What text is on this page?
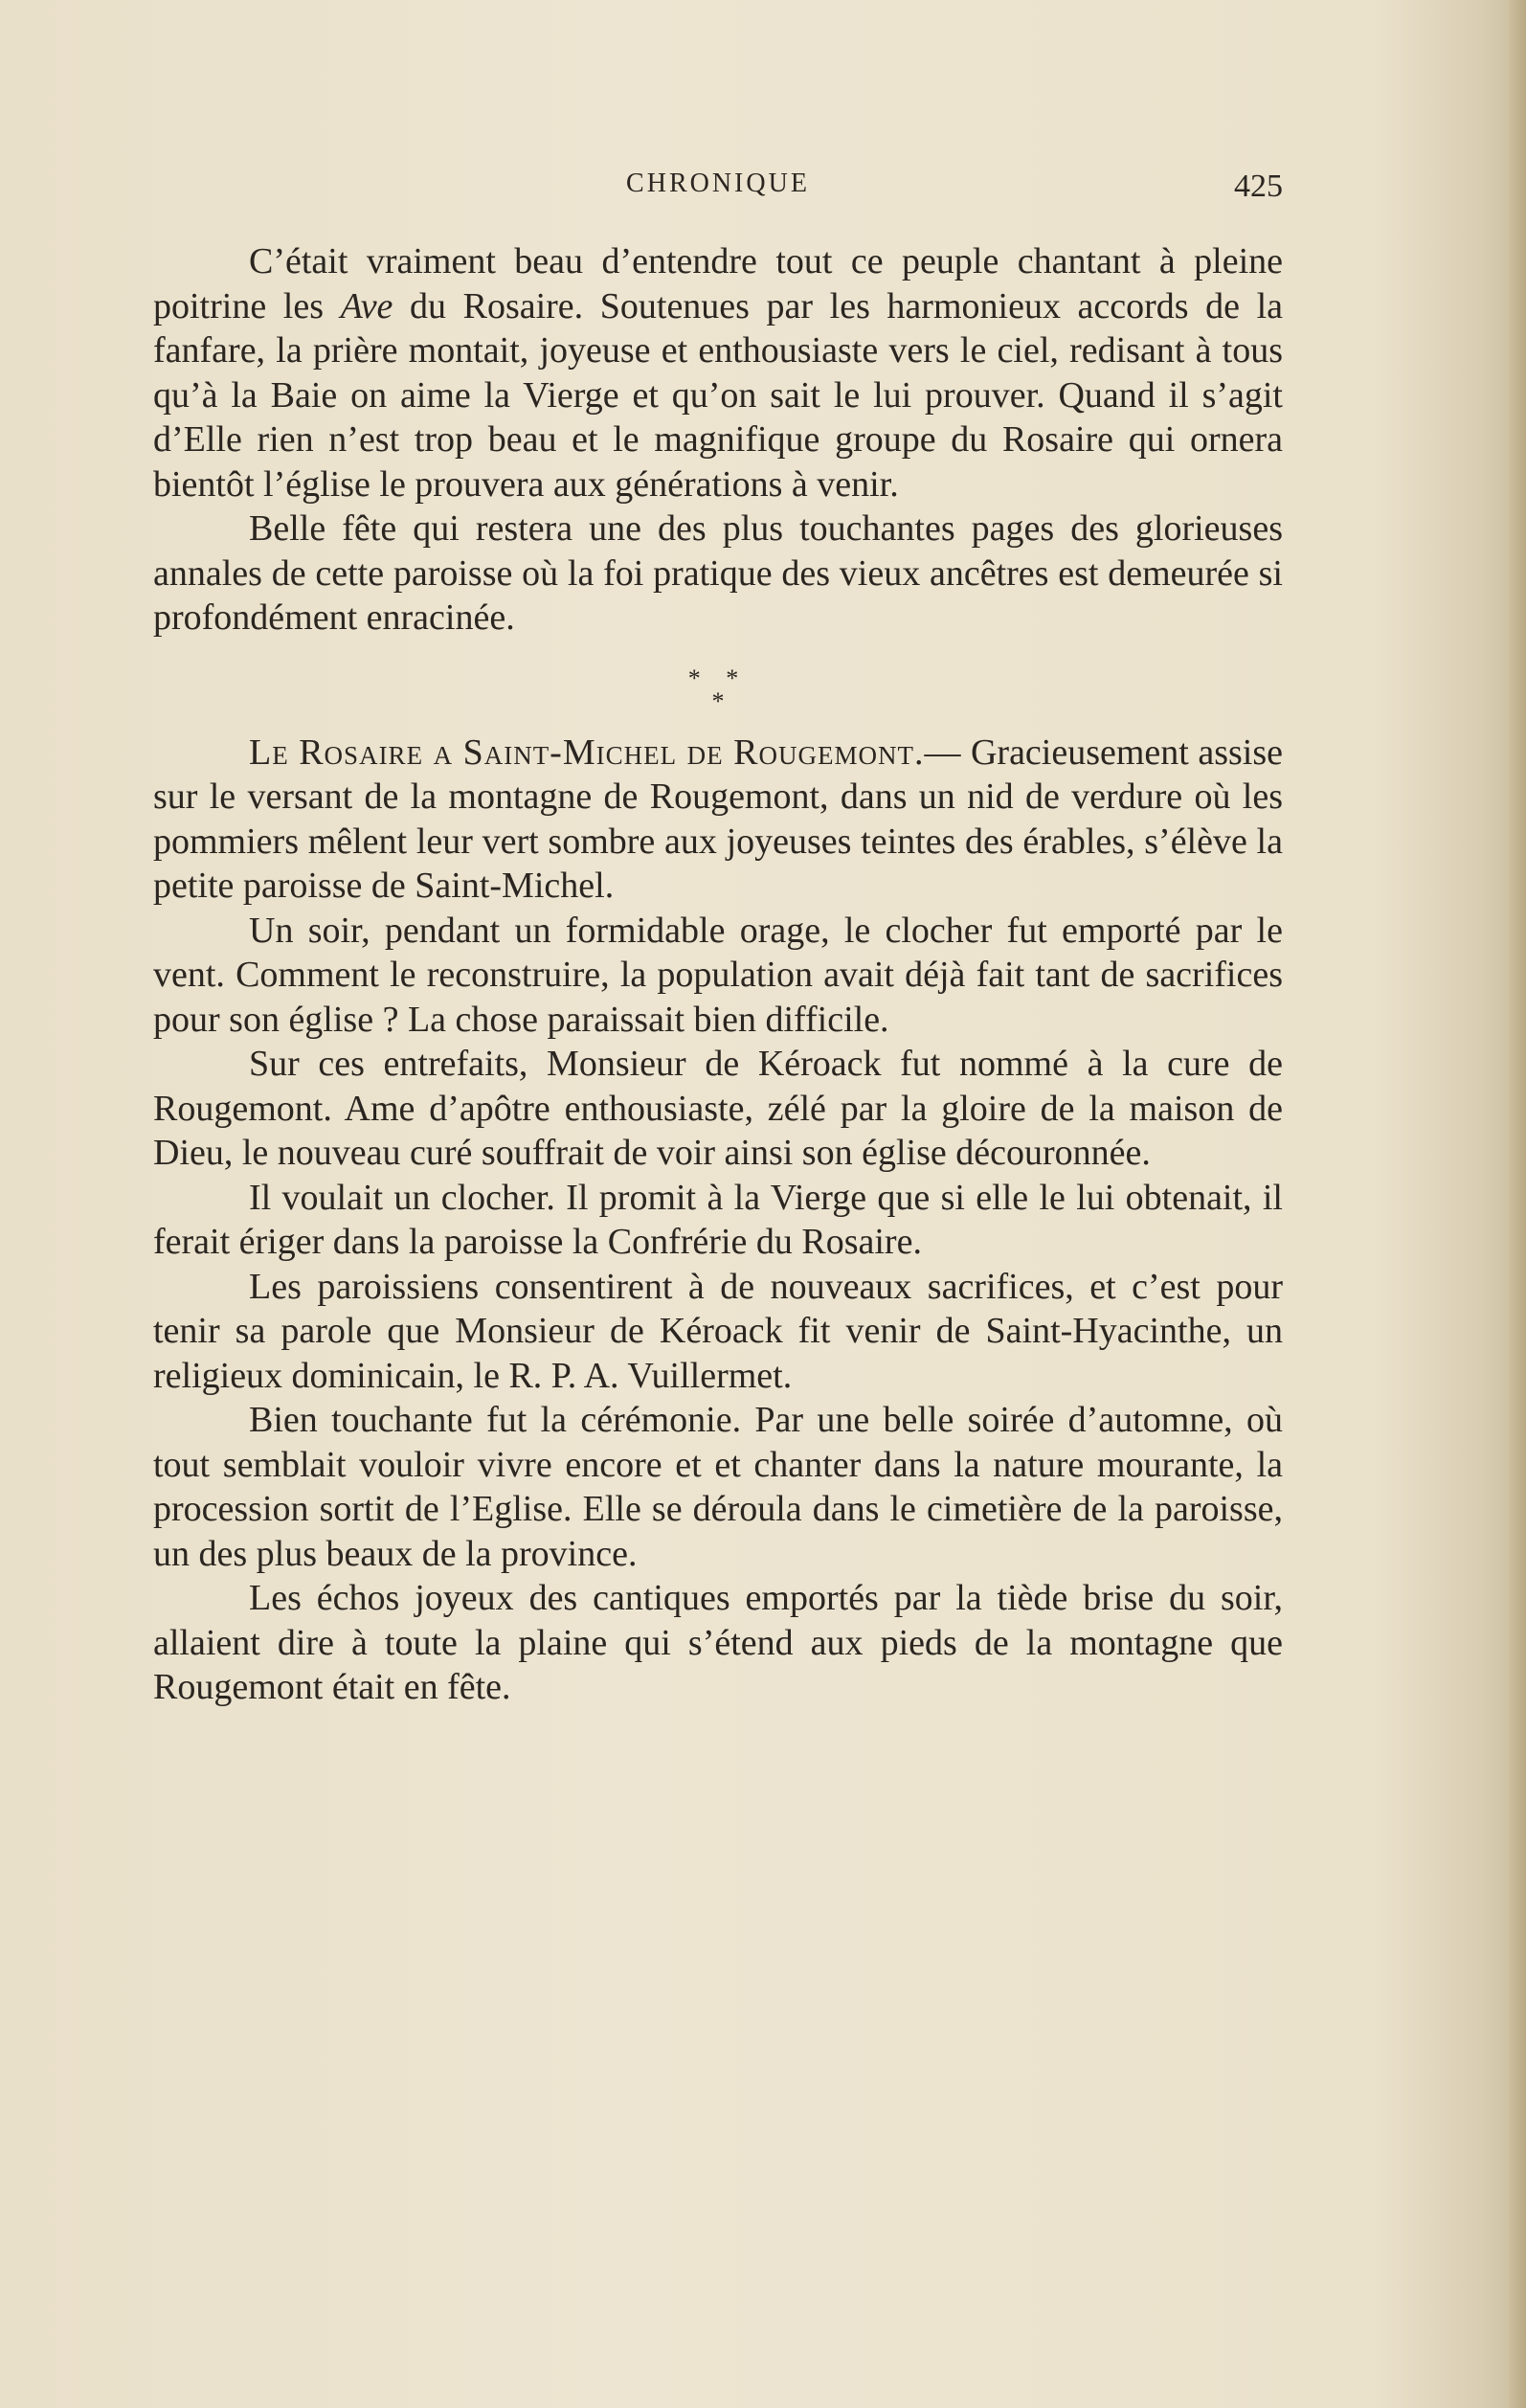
CHRONIQUE	425

C’était vraiment beau d’entendre tout ce peuple chantant à pleine poitrine les Ave du Rosaire. Soutenues par les harmonieux accords de la fanfare, la prière montait, joyeuse et enthousiaste vers le ciel, redisant à tous qu’à la Baie on aime la Vierge et qu’on sait le lui prouver. Quand il s’agit d’Elle rien n’est trop beau et le magnifique groupe du Rosaire qui ornera bientôt l’église le prouvera aux générations à venir.

Belle fête qui restera une des plus touchantes pages des glorieuses annales de cette paroisse où la foi pratique des vieux ancêtres est demeurée si profondément enracinée.

* *
*

Le Rosaire a Saint-Michel de Rougemont.— Gracieusement assise sur le versant de la montagne de Rougemont, dans un nid de verdure où les pommiers mêlent leur vert sombre aux joyeuses teintes des érables, s’élève la petite paroisse de Saint-Michel.

Un soir, pendant un formidable orage, le clocher fut emporté par le vent. Comment le reconstruire, la population avait déjà fait tant de sacrifices pour son église ? La chose paraissait bien difficile.

Sur ces entrefaits, Monsieur de Kéroack fut nommé à la cure de Rougemont. Ame d’apôtre enthousiaste, zélé par la gloire de la maison de Dieu, le nouveau curé souffrait de voir ainsi son église découronnée.

Il voulait un clocher. Il promit à la Vierge que si elle le lui obtenait, il ferait ériger dans la paroisse la Confrérie du Rosaire.

Les paroissiens consentirent à de nouveaux sacrifices, et c’est pour tenir sa parole que Monsieur de Kéroack fit venir de Saint-Hyacinthe, un religieux dominicain, le R. P. A. Vuillermet.

Bien touchante fut la cérémonie. Par une belle soirée d’automne, où tout semblait vouloir vivre encore et et chanter dans la nature mourante, la procession sortit de l’Eglise. Elle se déroula dans le cimetière de la paroisse, un des plus beaux de la province.

Les échos joyeux des cantiques emportés par la tiède brise du soir, allaient dire à toute la plaine qui s’étend aux pieds de la montagne que Rougemont était en fête.
